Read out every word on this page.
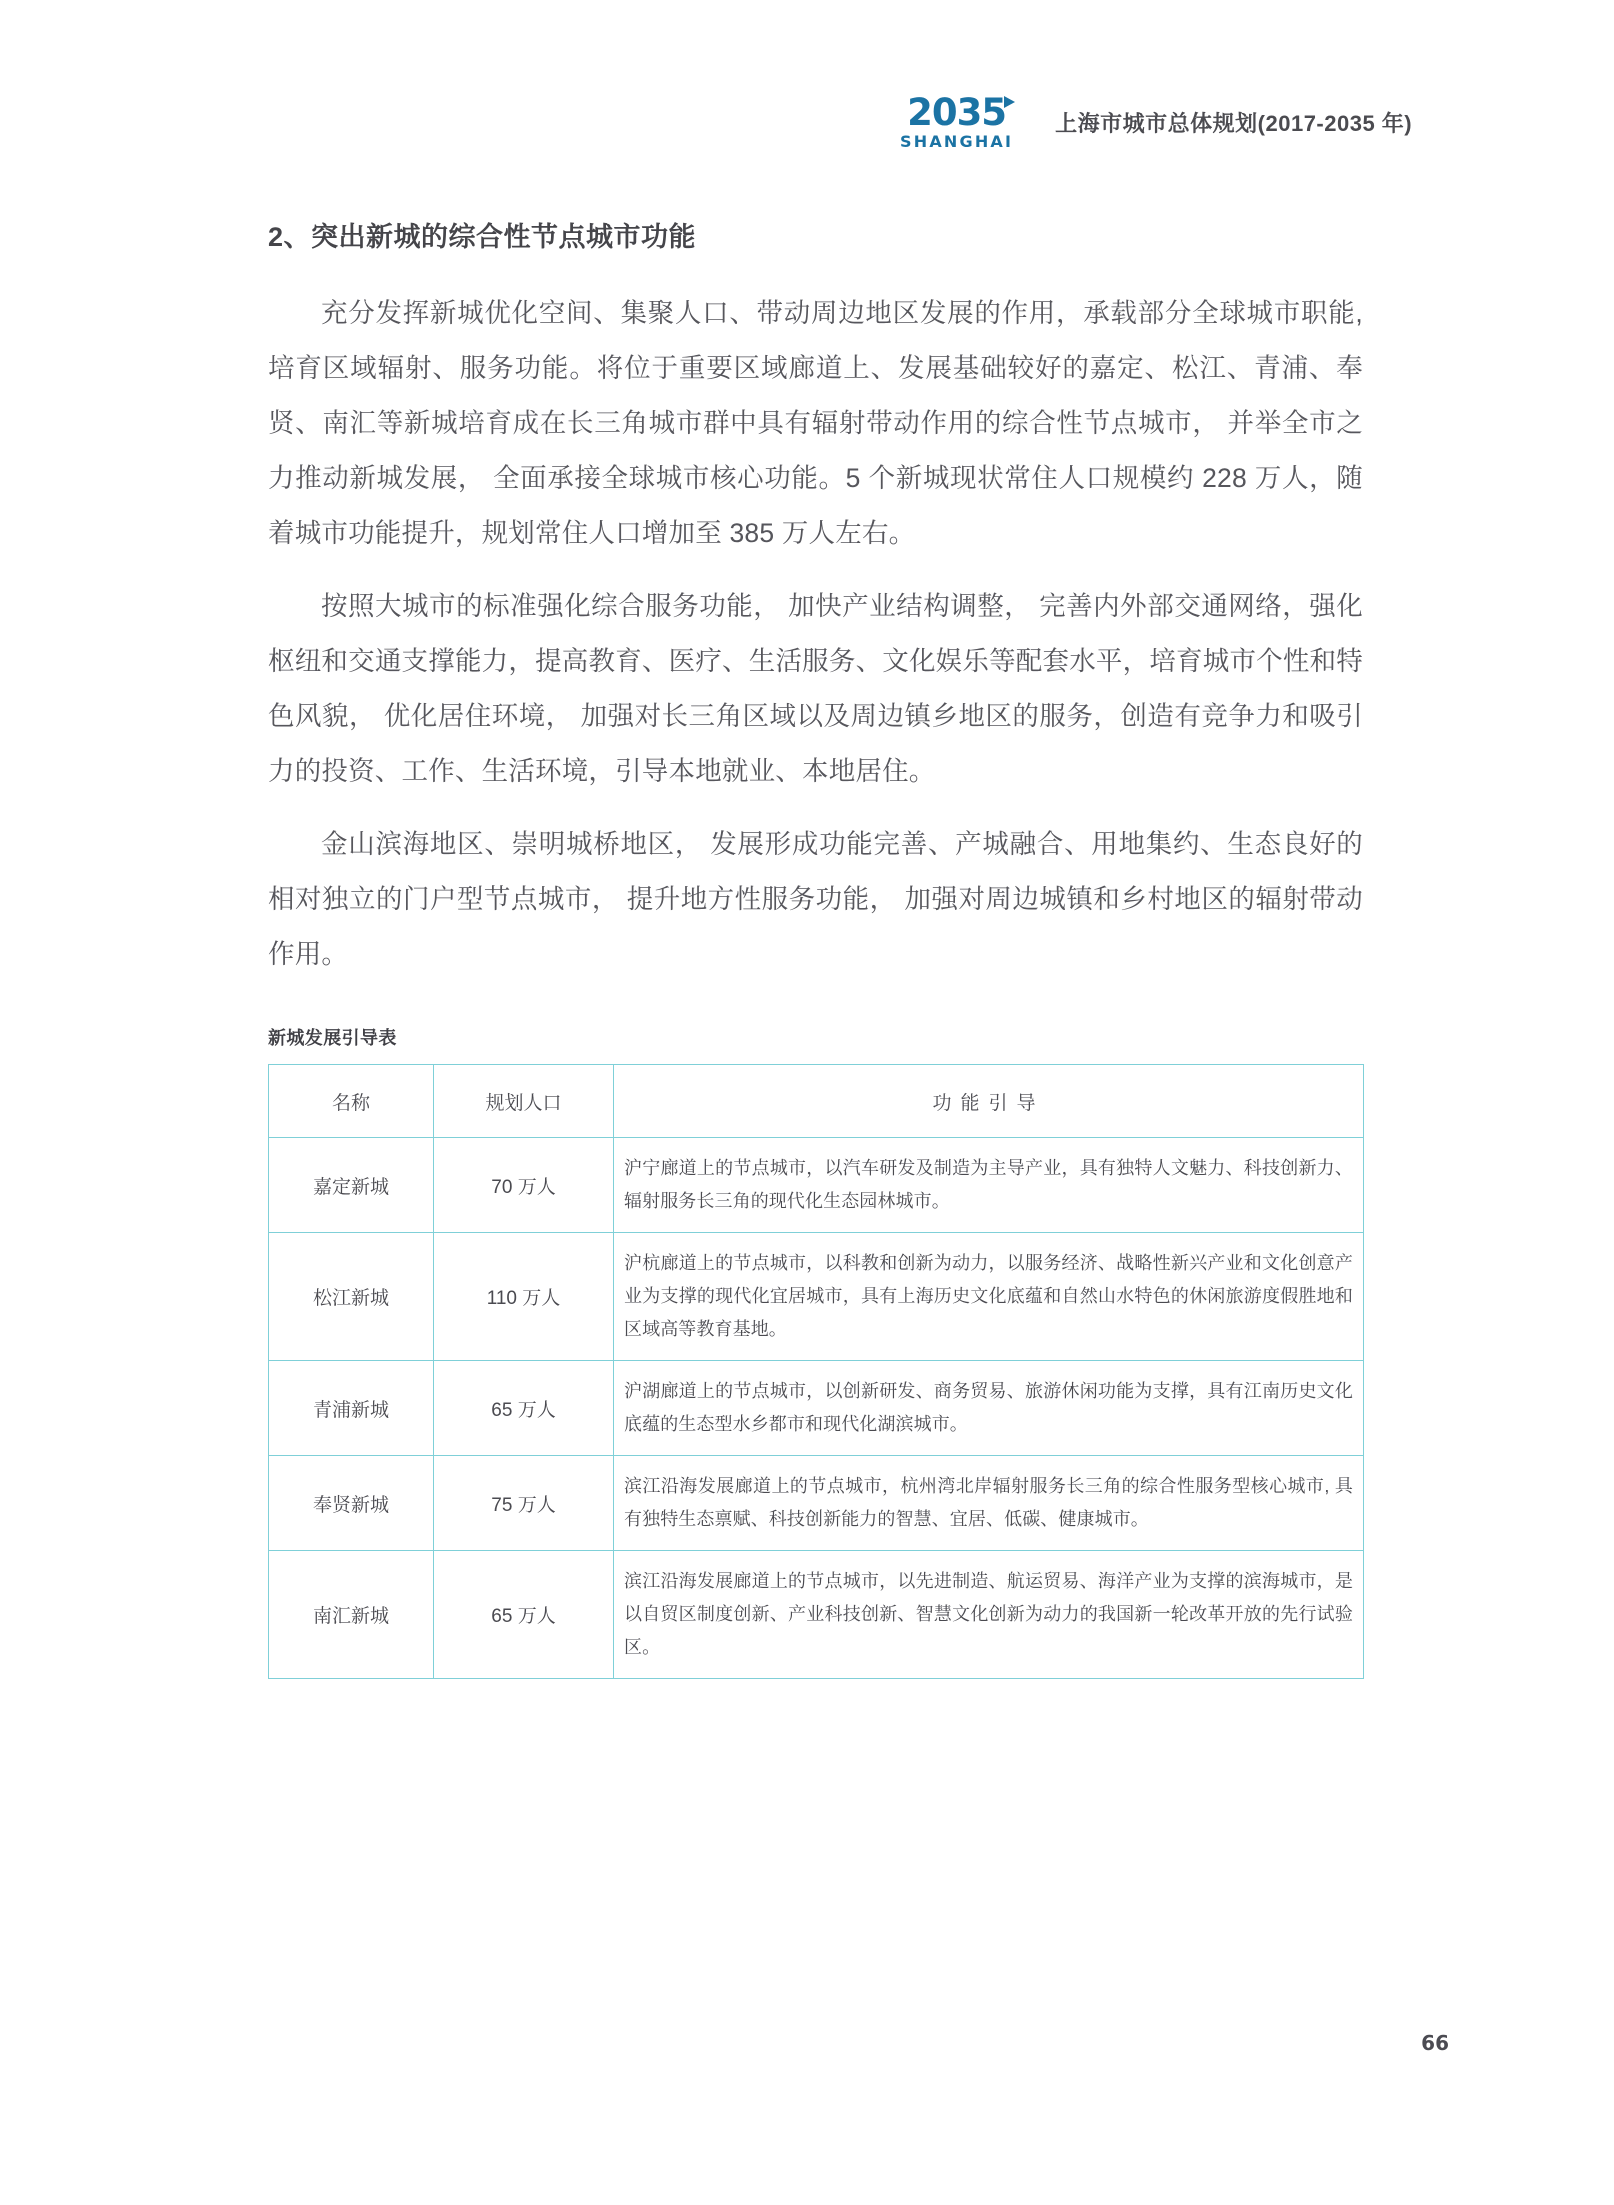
2035
SHANGHAI
上海市城市总体规划(2017-2035 年)
2、突出新城的综合性节点城市功能

充分发挥新城优化空间、集聚人口、带动周边地区发展的作用，承载部分全球城市职能, 培育区域辐射、服务功能。将位于重要区域廊道上、发展基础较好的嘉定、松江、青浦、奉贤、南汇等新城培育成在长三角城市群中具有辐射带动作用的综合性节点城市， 并举全市之力推动新城发展， 全面承接全球城市核心功能。5 个新城现状常住人口规模约 228 万人，随着城市功能提升，规划常住人口增加至 385 万人左右。

按照大城市的标准强化综合服务功能， 加快产业结构调整， 完善内外部交通网络，强化枢纽和交通支撑能力，提高教育、医疗、生活服务、文化娱乐等配套水平，培育城市个性和特色风貌， 优化居住环境， 加强对长三角区域以及周边镇乡地区的服务，创造有竞争力和吸引力的投资、工作、生活环境，引导本地就业、本地居住。

金山滨海地区、崇明城桥地区， 发展形成功能完善、产城融合、用地集约、生态良好的相对独立的门户型节点城市， 提升地方性服务功能， 加强对周边城镇和乡村地区的辐射带动作用。

新城发展引导表
名称	规划人口	功能引导
嘉定新城	70 万人	沪宁廊道上的节点城市，以汽车研发及制造为主导产业，具有独特人文魅力、科技创新力、辐射服务长三角的现代化生态园林城市。
松江新城	110 万人	沪杭廊道上的节点城市，以科教和创新为动力，以服务经济、战略性新兴产业和文化创意产业为支撑的现代化宜居城市，具有上海历史文化底蕴和自然山水特色的休闲旅游度假胜地和区域高等教育基地。
青浦新城	65 万人	沪湖廊道上的节点城市，以创新研发、商务贸易、旅游休闲功能为支撑，具有江南历史文化底蕴的生态型水乡都市和现代化湖滨城市。
奉贤新城	75 万人	滨江沿海发展廊道上的节点城市，杭州湾北岸辐射服务长三角的综合性服务型核心城市, 具有独特生态禀赋、科技创新能力的智慧、宜居、低碳、健康城市。
南汇新城	65 万人	滨江沿海发展廊道上的节点城市，以先进制造、航运贸易、海洋产业为支撑的滨海城市，是以自贸区制度创新、产业科技创新、智慧文化创新为动力的我国新一轮改革开放的先行试验区。
66
